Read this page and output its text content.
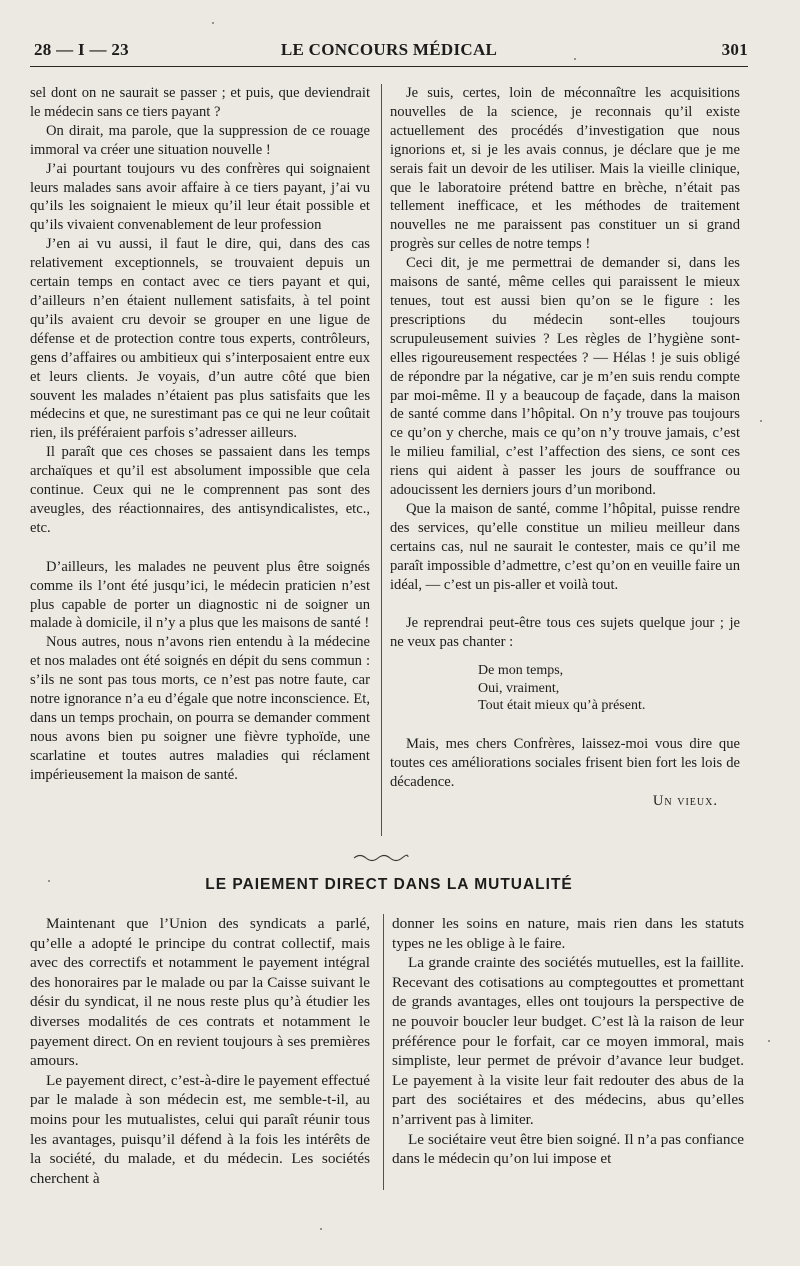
28 — I — 23	LE CONCOURS MÉDICAL	301

sel dont on ne saurait se passer ; et puis, que deviendrait le médecin sans ce tiers payant ?

On dirait, ma parole, que la suppression de ce rouage immoral va créer une situation nouvelle !

J’ai pourtant toujours vu des confrères qui soignaient leurs malades sans avoir affaire à ce tiers payant, j’ai vu qu’ils les soignaient le mieux qu’il leur était possible et qu’ils vivaient convenablement de leur profession

J’en ai vu aussi, il faut le dire, qui, dans des cas relativement exceptionnels, se trouvaient depuis un certain temps en contact avec ce tiers payant et qui, d’ailleurs n’en étaient nullement satisfaits, à tel point qu’ils avaient cru devoir se grouper en une ligue de défense et de protection contre tous experts, contrôleurs, gens d’affaires ou ambitieux qui s’interposaient entre eux et leurs clients. Je voyais, d’un autre côté que bien souvent les malades n’étaient pas plus satisfaits que les médecins et que, ne surestimant pas ce qui ne leur coûtait rien, ils préféraient parfois s’adresser ailleurs.

Il paraît que ces choses se passaient dans les temps archaïques et qu’il est absolument impossible que cela continue. Ceux qui ne le comprennent pas sont des aveugles, des réactionnaires, des antisyndicalistes, etc., etc.

D’ailleurs, les malades ne peuvent plus être soignés comme ils l’ont été jusqu’ici, le médecin praticien n’est plus capable de porter un diagnostic ni de soigner un malade à domicile, il n’y a plus que les maisons de santé !

Nous autres, nous n’avons rien entendu à la médecine et nos malades ont été soignés en dépit du sens commun : s’ils ne sont pas tous morts, ce n’est pas notre faute, car notre ignorance n’a eu d’égale que notre inconscience. Et, dans un temps prochain, on pourra se demander comment nous avons bien pu soigner une fièvre typhoïde, une scarlatine et toutes autres maladies qui réclament impérieusement la maison de santé.

Je suis, certes, loin de méconnaître les acquisitions nouvelles de la science, je reconnais qu’il existe actuellement des procédés d’investigation que nous ignorions et, si je les avais connus, je déclare que je me serais fait un devoir de les utiliser. Mais la vieille clinique, que le laboratoire prétend battre en brèche, n’était pas tellement inefficace, et les méthodes de traitement nouvelles ne me paraissent pas constituer un si grand progrès sur celles de notre temps !

Ceci dit, je me permettrai de demander si, dans les maisons de santé, même celles qui paraissent le mieux tenues, tout est aussi bien qu’on se le figure : les prescriptions du médecin sont-elles toujours scrupuleusement suivies ? Les règles de l’hygiène sont-elles rigoureusement respectées ? — Hélas ! je suis obligé de répondre par la négative, car je m’en suis rendu compte par moi-même. Il y a beaucoup de façade, dans la maison de santé comme dans l’hôpital. On n’y trouve pas toujours ce qu’on y cherche, mais ce qu’on n’y trouve jamais, c’est le milieu familial, c’est l’affection des siens, ce sont ces riens qui aident à passer les jours de souffrance ou adoucissent les derniers jours d’un moribond.

Que la maison de santé, comme l’hôpital, puisse rendre des services, qu’elle constitue un milieu meilleur dans certains cas, nul ne saurait le contester, mais ce qu’il me paraît impossible d’admettre, c’est qu’on en veuille faire un idéal, — c’est un pis-aller et voilà tout.

Je reprendrai peut-être tous ces sujets quelque jour ; je ne veux pas chanter :

De mon temps,
Oui, vraiment,
Tout était mieux qu’à présent.

Mais, mes chers Confrères, laissez-moi vous dire que toutes ces améliorations sociales frisent bien fort les lois de décadence.

Un vieux.
LE PAIEMENT DIRECT DANS LA MUTUALITÉ

Maintenant que l’Union des syndicats a parlé, qu’elle a adopté le principe du contrat collectif, mais avec des correctifs et notamment le payement intégral des honoraires par le malade ou par la Caisse suivant le désir du syndicat, il ne nous reste plus qu’à étudier les diverses modalités de ces contrats et notamment le payement direct. On en revient toujours à ses premières amours.

Le payement direct, c’est-à-dire le payement effectué par le malade à son médecin est, me semble-t-il, au moins pour les mutualistes, celui qui paraît réunir tous les avantages, puisqu’il défend à la fois les intérêts de la société, du malade, et du médecin. Les sociétés cherchent à

donner les soins en nature, mais rien dans les statuts types ne les oblige à le faire.

La grande crainte des sociétés mutuelles, est la faillite. Recevant des cotisations au comptegouttes et promettant de grands avantages, elles ont toujours la perspective de ne pouvoir boucler leur budget. C’est là la raison de leur préférence pour le forfait, car ce moyen immoral, mais simpliste, leur permet de prévoir d’avance leur budget. Le payement à la visite leur fait redouter des abus de la part des sociétaires et des médecins, abus qu’elles n’arrivent pas à limiter.

Le sociétaire veut être bien soigné. Il n’a pas confiance dans le médecin qu’on lui impose et
